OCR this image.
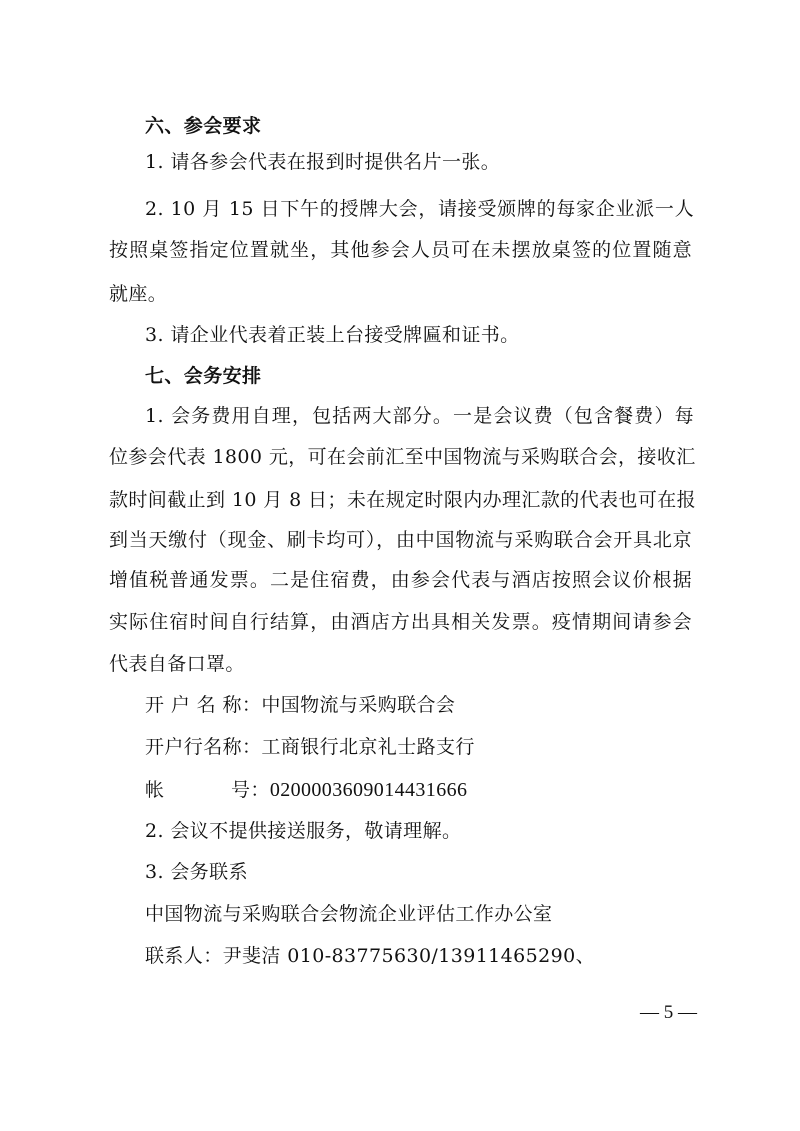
六、参会要求
1. 请各参会代表在报到时提供名片一张。
2. 10 月 15 日下午的授牌大会，请接受颁牌的每家企业派一人
按照桌签指定位置就坐，其他参会人员可在未摆放桌签的位置随意
就座。
3. 请企业代表着正装上台接受牌匾和证书。
七、会务安排
1. 会务费用自理，包括两大部分。一是会议费（包含餐费）每
位参会代表 1800 元，可在会前汇至中国物流与采购联合会，接收汇
款时间截止到 10 月 8 日；未在规定时限内办理汇款的代表也可在报
到当天缴付（现金、刷卡均可），由中国物流与采购联合会开具北京
增值税普通发票。二是住宿费，由参会代表与酒店按照会议价根据
实际住宿时间自行结算，由酒店方出具相关发票。疫情期间请参会
代表自备口罩。
开 户 名 称：中国物流与采购联合会
开户行名称：工商银行北京礼士路支行
帐	号：0200003609014431666
2. 会议不提供接送服务，敬请理解。
3. 会务联系
中国物流与采购联合会物流企业评估工作办公室
联系人：尹斐洁 010-83775630/13911465290、
— 5 —
